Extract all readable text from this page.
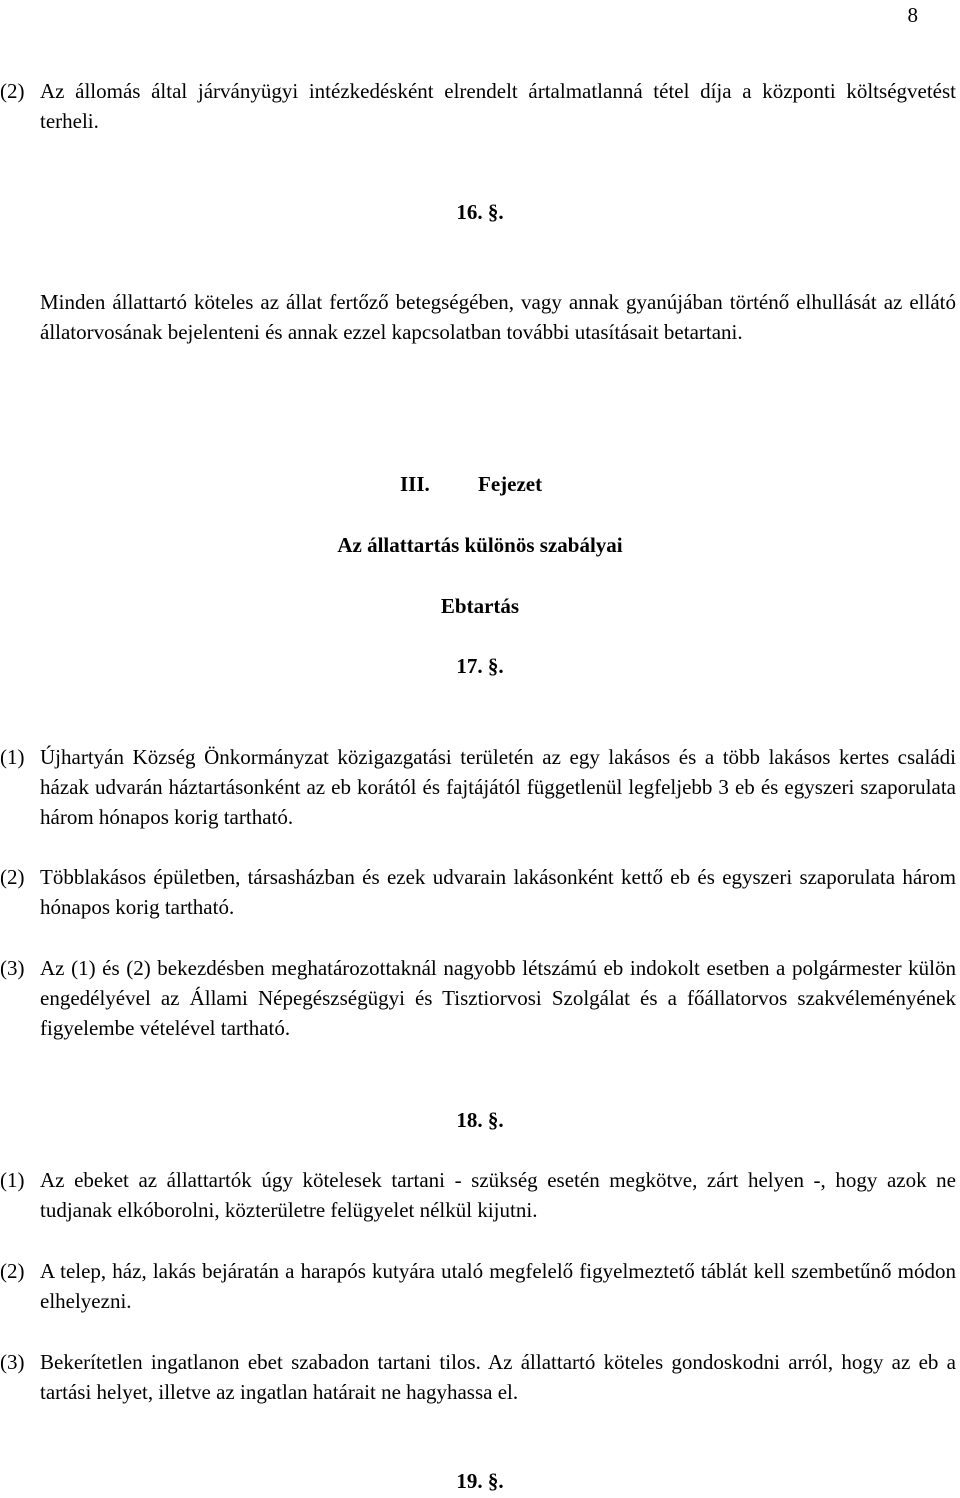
8
(2) Az állomás által járványügyi intézkedésként elrendelt ártalmatlanná tétel díja a központi költségvetést terheli.
16. §.
Minden állattartó köteles az állat fertőző betegségében, vagy annak gyanújában történő elhullását az ellátó állatorvosának bejelenteni és annak ezzel kapcsolatban további utasításait betartani.
III. Fejezet
Az állattartás különös szabályai
Ebtartás
17. §.
(1) Újhartyán Község Önkormányzat közigazgatási területén az egy lakásos és a több lakásos kertes családi házak udvarán háztartásonként az eb korától és fajtájától függetlenül legfeljebb 3 eb és egyszeri szaporulata három hónapos korig tartható.
(2) Többlakásos épületben, társasházban és ezek udvarain lakásonként kettő eb és egyszeri szaporulata három hónapos korig tartható.
(3) Az (1) és (2) bekezdésben meghatározottaknál nagyobb létszámú eb indokolt esetben a polgármester külön engedélyével az Állami Népegészségügyi és Tisztiorvosi Szolgálat és a főállatorvos szakvéleményének figyelembe vételével tartható.
18. §.
(1) Az ebeket az állattartók úgy kötelesek tartani - szükség esetén megkötve, zárt helyen -, hogy azok ne tudjanak elkóborolni, közterületre felügyelet nélkül kijutni.
(2) A telep, ház, lakás bejáratán a harapós kutyára utaló megfelelő figyelmeztető táblát kell szembetűnő módon elhelyezni.
(3) Bekerítetlen ingatlanon ebet szabadon tartani tilos. Az állattartó köteles gondoskodni arról, hogy az eb a tartási helyet, illetve az ingatlan határait ne hagyhassa el.
19. §.
